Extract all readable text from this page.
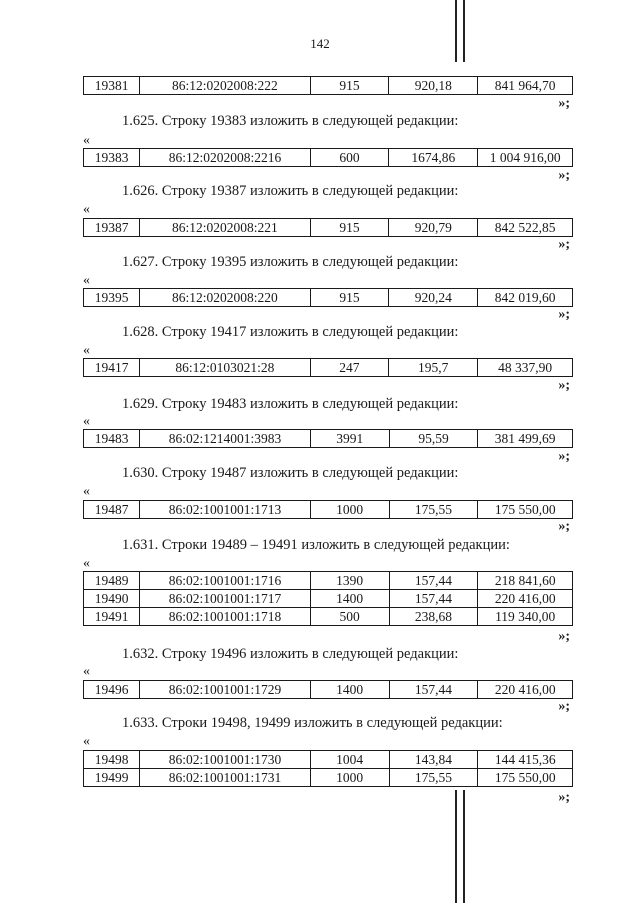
142
19381	86:12:0202008:222	915	920,18	841 964,70
»;
1.625. Строку 19383 изложить в следующей редакции:
«
19383	86:12:0202008:2216	600	1674,86	1 004 916,00
»;
1.626. Строку 19387 изложить в следующей редакции:
«
19387	86:12:0202008:221	915	920,79	842 522,85
»;
1.627. Строку 19395 изложить в следующей редакции:
«
19395	86:12:0202008:220	915	920,24	842 019,60
»;
1.628. Строку 19417 изложить в следующей редакции:
«
19417	86:12:0103021:28	247	195,7	48 337,90
»;
1.629. Строку 19483 изложить в следующей редакции:
«
19483	86:02:1214001:3983	3991	95,59	381 499,69
»;
1.630. Строку 19487 изложить в следующей редакции:
«
19487	86:02:1001001:1713	1000	175,55	175 550,00
»;
1.631. Строки 19489 – 19491 изложить в следующей редакции:
«
19489	86:02:1001001:1716	1390	157,44	218 841,60
19490	86:02:1001001:1717	1400	157,44	220 416,00
19491	86:02:1001001:1718	500	238,68	119 340,00
»;
1.632. Строку 19496 изложить в следующей редакции:
«
19496	86:02:1001001:1729	1400	157,44	220 416,00
»;
1.633. Строки 19498, 19499 изложить в следующей редакции:
«
19498	86:02:1001001:1730	1004	143,84	144 415,36
19499	86:02:1001001:1731	1000	175,55	175 550,00
»;
